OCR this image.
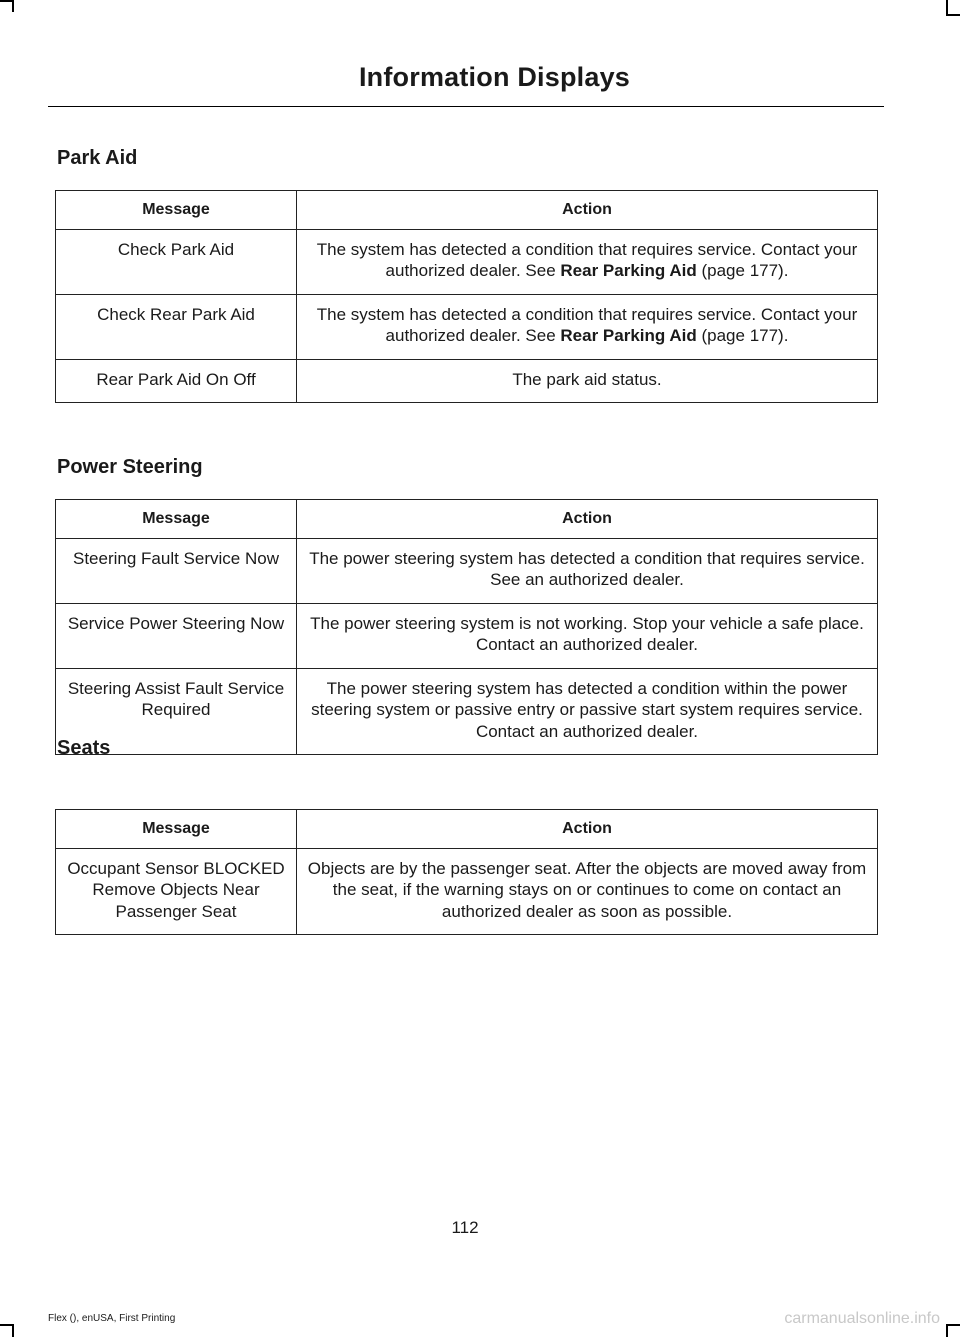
Information Displays
Park Aid
Message	Action
Check Park Aid	The system has detected a condition that requires service. Contact your authorized dealer. See Rear Parking Aid (page 177).
Check Rear Park Aid	The system has detected a condition that requires service. Contact your authorized dealer. See Rear Parking Aid (page 177).
Rear Park Aid On Off	The park aid status.
Power Steering
Message	Action
Steering Fault Service Now	The power steering system has detected a condition that requires service. See an authorized dealer.
Service Power Steering Now	The power steering system is not working. Stop your vehicle a safe place. Contact an authorized dealer.
Steering Assist Fault Service Required	The power steering system has detected a condition within the power steering system or passive entry or passive start system requires service. Contact an authorized dealer.
Seats
Message	Action
Occupant Sensor BLOCKED Remove Objects Near Passenger Seat	Objects are by the passenger seat. After the objects are moved away from the seat, if the warning stays on or continues to come on contact an authorized dealer as soon as possible.
112
Flex (), enUSA, First Printing	carmanualsonline.info
